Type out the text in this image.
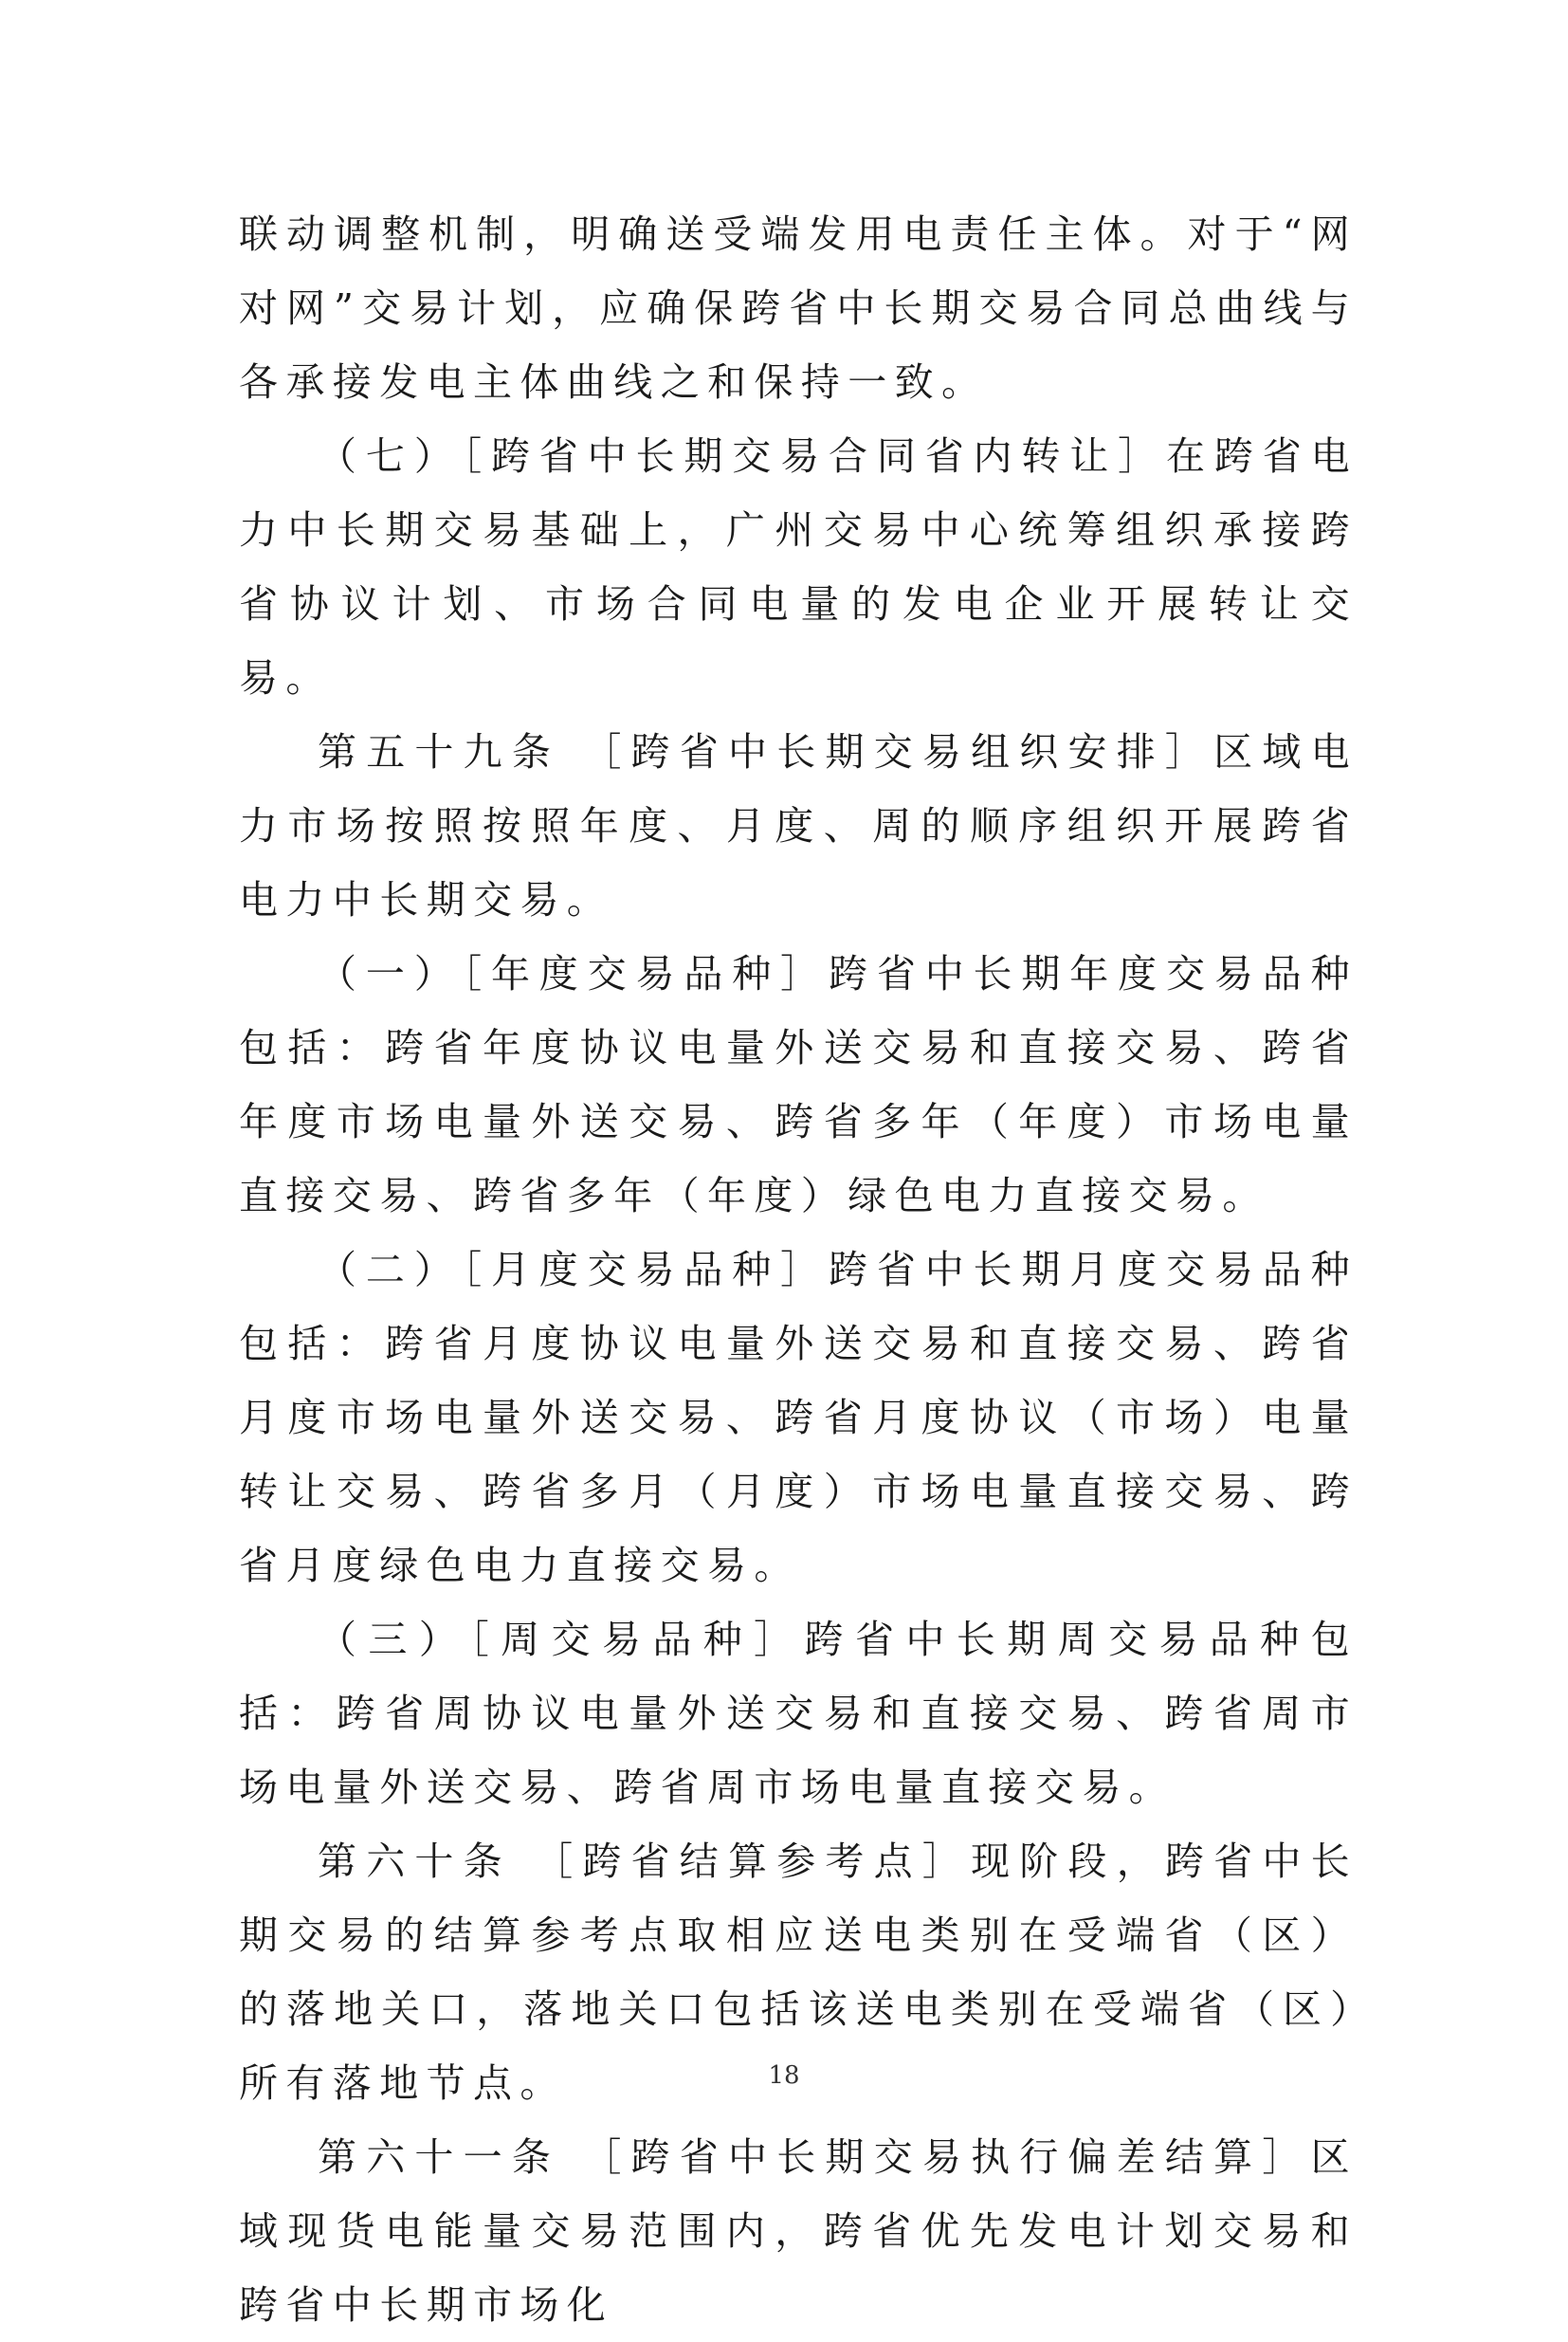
联动调整机制，明确送受端发用电责任主体。对于“网对网”交易计划，应确保跨省中长期交易合同总曲线与各承接发电主体曲线之和保持一致。

（七）［跨省中长期交易合同省内转让］在跨省电力中长期交易基础上，广州交易中心统筹组织承接跨省协议计划、市场合同电量的发电企业开展转让交易。

第五十九条 ［跨省中长期交易组织安排］区域电力市场按照按照年度、月度、周的顺序组织开展跨省电力中长期交易。

（一）［年度交易品种］跨省中长期年度交易品种包括：跨省年度协议电量外送交易和直接交易、跨省年度市场电量外送交易、跨省多年（年度）市场电量直接交易、跨省多年（年度）绿色电力直接交易。

（二）［月度交易品种］跨省中长期月度交易品种包括：跨省月度协议电量外送交易和直接交易、跨省月度市场电量外送交易、跨省月度协议（市场）电量转让交易、跨省多月（月度）市场电量直接交易、跨省月度绿色电力直接交易。

（三）［周交易品种］跨省中长期周交易品种包括：跨省周协议电量外送交易和直接交易、跨省周市场电量外送交易、跨省周市场电量直接交易。

第六十条 ［跨省结算参考点］现阶段，跨省中长期交易的结算参考点取相应送电类别在受端省（区）的落地关口，落地关口包括该送电类别在受端省（区）所有落地节点。

第六十一条 ［跨省中长期交易执行偏差结算］区域现货电能量交易范围内，跨省优先发电计划交易和跨省中长期市场化

18
